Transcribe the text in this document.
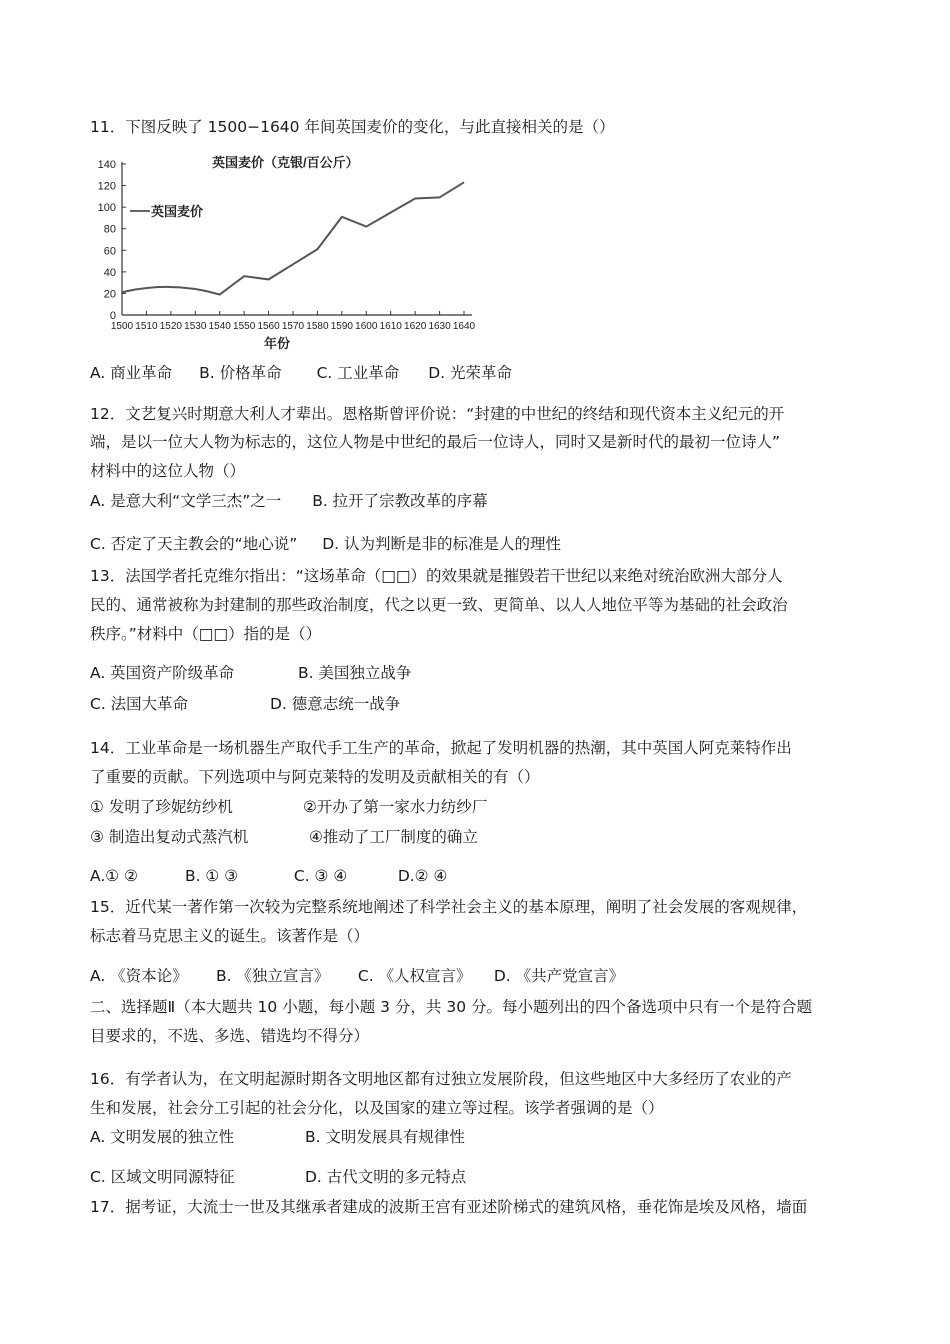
11．下图反映了 1500−1640 年间英国麦价的变化，与此直接相关的是（）
0
20
40
60
80
100
120
140
1500 1510 1520 1530 1540 1550 1560 1570 1580 1590 1600 1610 1620 1630 1640
英国麦价（克银/百公斤）
英国麦价
年份
A. 商业革命 B. 价格革命 C. 工业革命 D. 光荣革命
12．文艺复兴时期意大利人才辈出。恩格斯曾评价说：“封建的中世纪的终结和现代资本主义纪元的开
端，是以一位大人物为标志的，这位人物是中世纪的最后一位诗人，同时又是新时代的最初一位诗人”
材料中的这位人物（）
A. 是意大利“文学三杰”之一 B. 拉开了宗教改革的序幕
C. 否定了天主教会的“地心说” D. 认为判断是非的标准是人的理性
13．法国学者托克维尔指出：“这场革命（□□）的效果就是摧毁若干世纪以来绝对统治欧洲大部分人
民的、通常被称为封建制的那些政治制度，代之以更一致、更简单、以人人地位平等为基础的社会政治
秩序。”材料中（□□）指的是（）
A. 英国资产阶级革命	B. 美国独立战争
C. 法国大革命	D. 德意志统一战争
14．工业革命是一场机器生产取代手工生产的革命，掀起了发明机器的热潮，其中英国人阿克莱特作出
了重要的贡献。下列选项中与阿克莱特的发明及贡献相关的有（）
① 发明了珍妮纺纱机	②开办了第一家水力纺纱厂
③ 制造出复动式蒸汽机	④推动了工厂制度的确立
A.① ②	B. ① ③	C. ③ ④	D.② ④
15．近代某一著作第一次较为完整系统地阐述了科学社会主义的基本原理，阐明了社会发展的客观规律，
标志着马克思主义的诞生。该著作是（）
A. 《资本论》 B. 《独立宣言》 C. 《人权宣言》 D. 《共产党宣言》
二、选择题Ⅱ（本大题共 10 小题，每小题 3 分，共 30 分。每小题列出的四个备选项中只有一个是符合题
目要求的，不选、多选、错选均不得分）
16．有学者认为，在文明起源时期各文明地区都有过独立发展阶段，但这些地区中大多经历了农业的产
生和发展，社会分工引起的社会分化，以及国家的建立等过程。该学者强调的是（）
A. 文明发展的独立性	B. 文明发展具有规律性
C. 区域文明同源特征	D. 古代文明的多元特点
17．据考证，大流士一世及其继承者建成的波斯王宫有亚述阶梯式的建筑风格，垂花饰是埃及风格，墙面
